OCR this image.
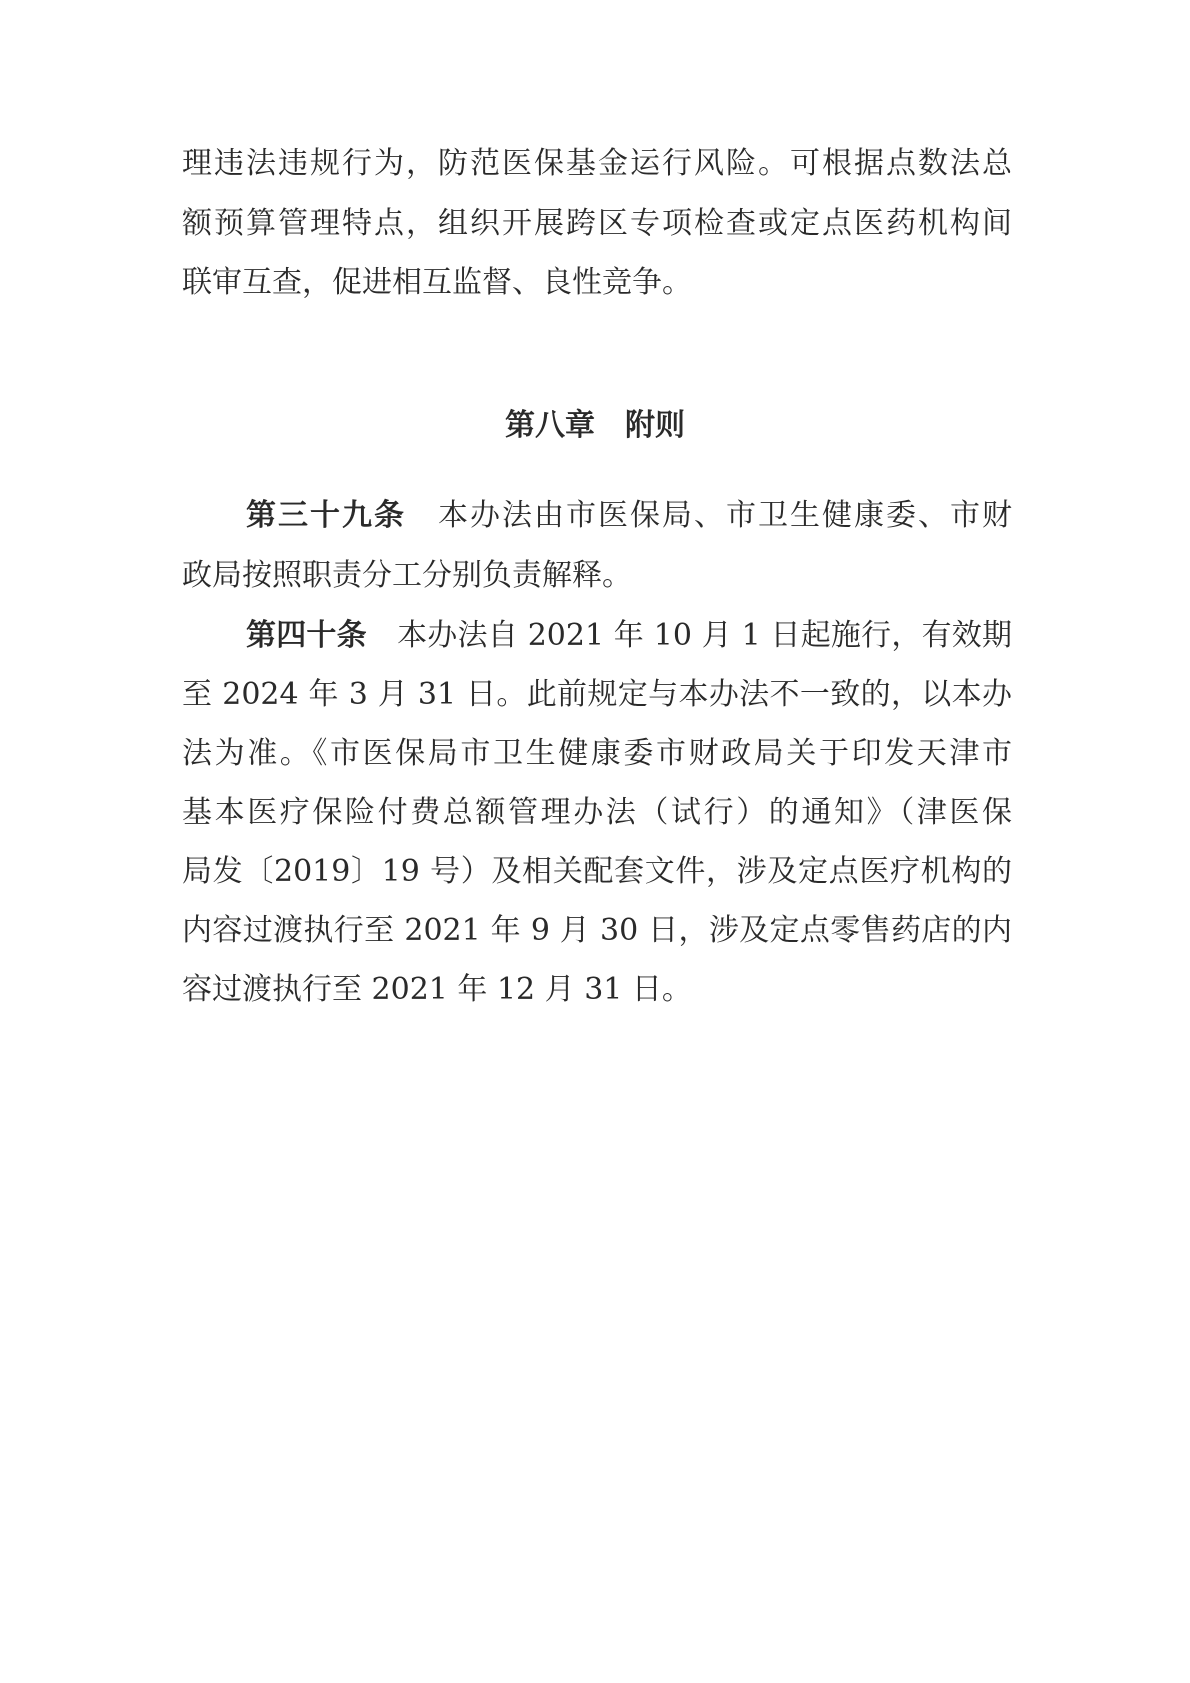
理违法违规行为，防范医保基金运行风险。可根据点数法总
额预算管理特点，组织开展跨区专项检查或定点医药机构间
联审互查，促进相互监督、良性竞争。
第八章　附则
第三十九条 本办法由市医保局、市卫生健康委、市财
政局按照职责分工分别负责解释。
第四十条 本办法自 2021 年 10 月 1 日起施行，有效期
至 2024 年 3 月 31 日。此前规定与本办法不一致的，以本办
法为准。《市医保局市卫生健康委市财政局关于印发天津市
基本医疗保险付费总额管理办法（试行）的通知》（津医保
局发〔2019〕19 号）及相关配套文件，涉及定点医疗机构的
内容过渡执行至 2021 年 9 月 30 日，涉及定点零售药店的内
容过渡执行至 2021 年 12 月 31 日。
